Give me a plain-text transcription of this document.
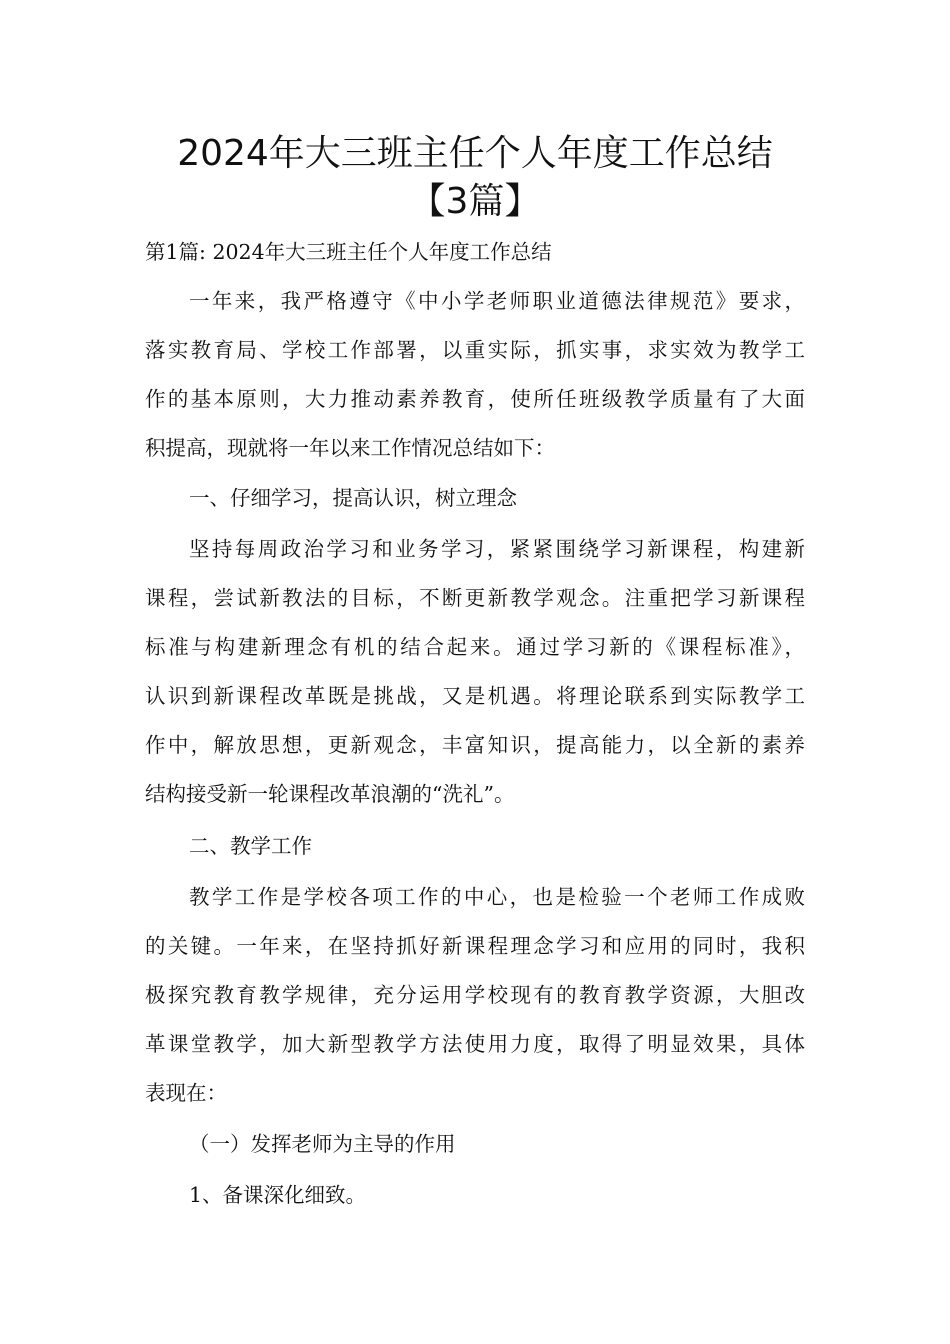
2024年大三班主任个人年度工作总结
【3篇】

第1篇: 2024年大三班主任个人年度工作总结

一年来，我严格遵守《中小学老师职业道德法律规范》要求，

落实教育局、学校工作部署，以重实际，抓实事，求实效为教学工

作的基本原则，大力推动素养教育，使所任班级教学质量有了大面

积提高，现就将一年以来工作情况总结如下：

一、仔细学习，提高认识，树立理念

坚持每周政治学习和业务学习，紧紧围绕学习新课程，构建新

课程，尝试新教法的目标，不断更新教学观念。注重把学习新课程

标准与构建新理念有机的结合起来。通过学习新的《课程标准》，

认识到新课程改革既是挑战，又是机遇。将理论联系到实际教学工

作中，解放思想，更新观念，丰富知识，提高能力，以全新的素养

结构接受新一轮课程改革浪潮的“洗礼”。

二、教学工作

教学工作是学校各项工作的中心，也是检验一个老师工作成败

的关键。一年来，在坚持抓好新课程理念学习和应用的同时，我积

极探究教育教学规律，充分运用学校现有的教育教学资源，大胆改

革课堂教学，加大新型教学方法使用力度，取得了明显效果，具体

表现在：

（一）发挥老师为主导的作用

1、备课深化细致。
